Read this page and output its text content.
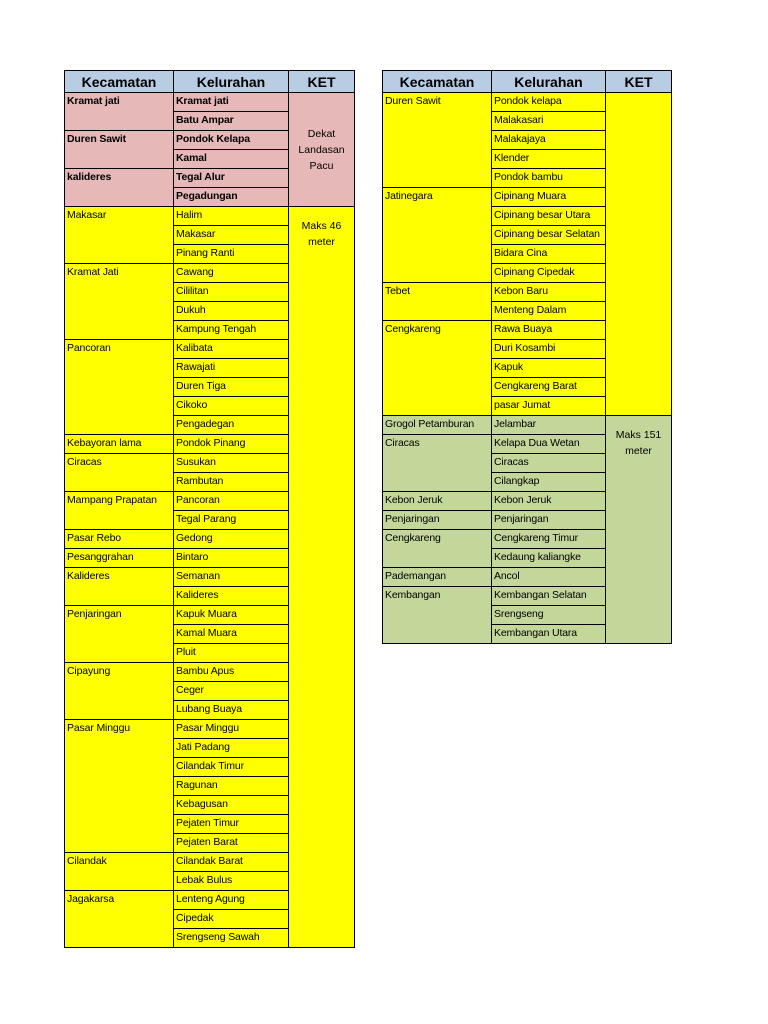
Kecamatan	Kelurahan	KET
Kramat jati	Kramat jati	Dekat Landasan Pacu
	Batu Ampar	
Duren Sawit	Pondok Kelapa	
	Kamal	
kalideres	Tegal Alur	
	Pegadungan	
Makasar	Halim	Maks 46 meter
	Makasar	
	Pinang Ranti	
Kramat Jati	Cawang	
	Cililitan	
	Dukuh	
	Kampung Tengah	
Pancoran	Kalibata	
	Rawajati	
	Duren Tiga	
	Cikoko	
	Pengadegan	
Kebayoran lama	Pondok Pinang	
Ciracas	Susukan	
	Rambutan	
Mampang Prapatan	Pancoran	
	Tegal Parang	
Pasar Rebo	Gedong	
Pesanggrahan	Bintaro	
Kalideres	Semanan	
	Kalideres	
Penjaringan	Kapuk Muara	
	Kamal Muara	
	Pluit	
Cipayung	Bambu Apus	
	Ceger	
	Lubang Buaya	
Pasar Minggu	Pasar Minggu	
	Jati Padang	
	Cilandak Timur	
	Ragunan	
	Kebagusan	
	Pejaten Timur	
	Pejaten Barat	
Cilandak	Cilandak Barat	
	Lebak Bulus	
Jagakarsa	Lenteng Agung	
	Cipedak	
	Srengseng Sawah	
Kecamatan	Kelurahan	KET
Duren Sawit	Pondok kelapa	
	Malakasari	
	Malakajaya	
	Klender	
	Pondok bambu	
Jatinegara	Cipinang Muara	
	Cipinang besar Utara	
	Cipinang besar Selatan	
	Bidara Cina	
	Cipinang Cipedak	
Tebet	Kebon Baru	
	Menteng Dalam	
Cengkareng	Rawa Buaya	
	Duri Kosambi	
	Kapuk	
	Cengkareng Barat	
	pasar Jumat	
Grogol Petamburan	Jelambar	Maks 151 meter
Ciracas	Kelapa Dua Wetan	
	Ciracas	
	Cilangkap	
Kebon Jeruk	Kebon Jeruk	
Penjaringan	Penjaringan	
Cengkareng	Cengkareng Timur	
	Kedaung kaliangke	
Pademangan	Ancol	
Kembangan	Kembangan Selatan	
	Srengseng	
	Kembangan Utara	
